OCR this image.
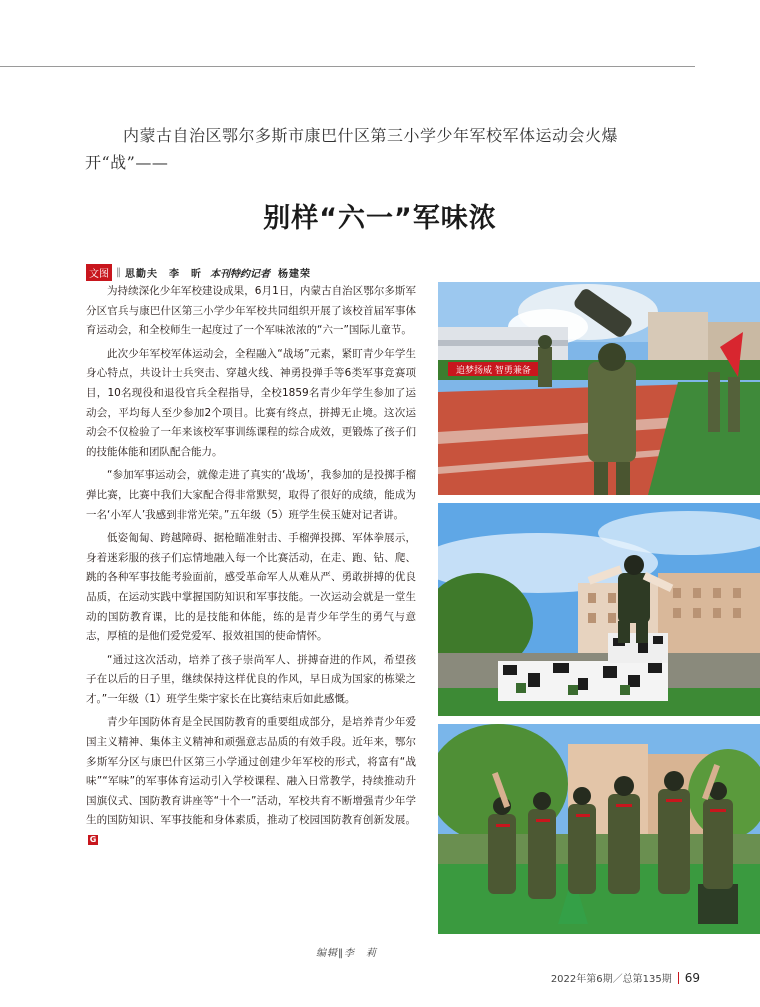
内蒙古自治区鄂尔多斯市康巴什区第三小学少年军校军体运动会火爆开“战”——
别样“六一”军味浓
文图 ‖ 思勤夫　李　昕 本刊特约记者 杨建荣

为持续深化少年军校建设成果，6月1日，内蒙古自治区鄂尔多斯军分区官兵与康巴什区第三小学少年军校共同组织开展了该校首届军事体育运动会，和全校师生一起度过了一个军味浓浓的“六一”国际儿童节。

此次少年军校军体运动会，全程融入“战场”元素，紧盯青少年学生身心特点，共设计士兵突击、穿越火线、神勇投弹手等6类军事竞赛项目，10名现役和退役官兵全程指导，全校1859名青少年学生参加了运动会，平均每人至少参加2个项目。比赛有终点，拼搏无止境。这次运动会不仅检验了一年来该校军事训练课程的综合成效，更锻炼了孩子们的技能体能和团队配合能力。

“参加军事运动会，就像走进了真实的‘战场’，我参加的是投掷手榴弹比赛，比赛中我们大家配合得非常默契，取得了很好的成绩，能成为一名‘小军人’我感到非常光荣。”五年级（5）班学生侯玉婕对记者讲。

低姿匍匐、跨越障碍、据枪瞄准射击、手榴弹投掷、军体拳展示，身着迷彩服的孩子们忘情地融入每一个比赛活动，在走、跑、钻、爬、跳的各种军事技能考验面前，感受革命军人从难从严、勇敢拼搏的优良品质，在运动实践中掌握国防知识和军事技能。一次运动会就是一堂生动的国防教育课，比的是技能和体能，练的是青少年学生的勇气与意志，厚植的是他们爱党爱军、报效祖国的使命情怀。

“通过这次活动，培养了孩子崇尚军人、拼搏奋进的作风，希望孩子在以后的日子里，继续保持这样优良的作风，早日成为国家的栋梁之才。”一年级（1）班学生柴宇家长在比赛结束后如此感慨。

青少年国防体育是全民国防教育的重要组成部分，是培养青少年爱国主义精神、集体主义精神和顽强意志品质的有效手段。近年来，鄂尔多斯军分区与康巴什区第三小学通过创建少年军校的形式，将富有“战味”“军味”的军事体育运动引入学校课程、融入日常教学，持续推动升国旗仪式、国防教育讲座等“十个一”活动，军校共育不断增强青少年学生的国防知识、军事技能和身体素质，推动了校园国防教育创新发展。G

追梦扬威 智勇兼备
编辑‖李　莉
2022年第6期／总第135期 69
